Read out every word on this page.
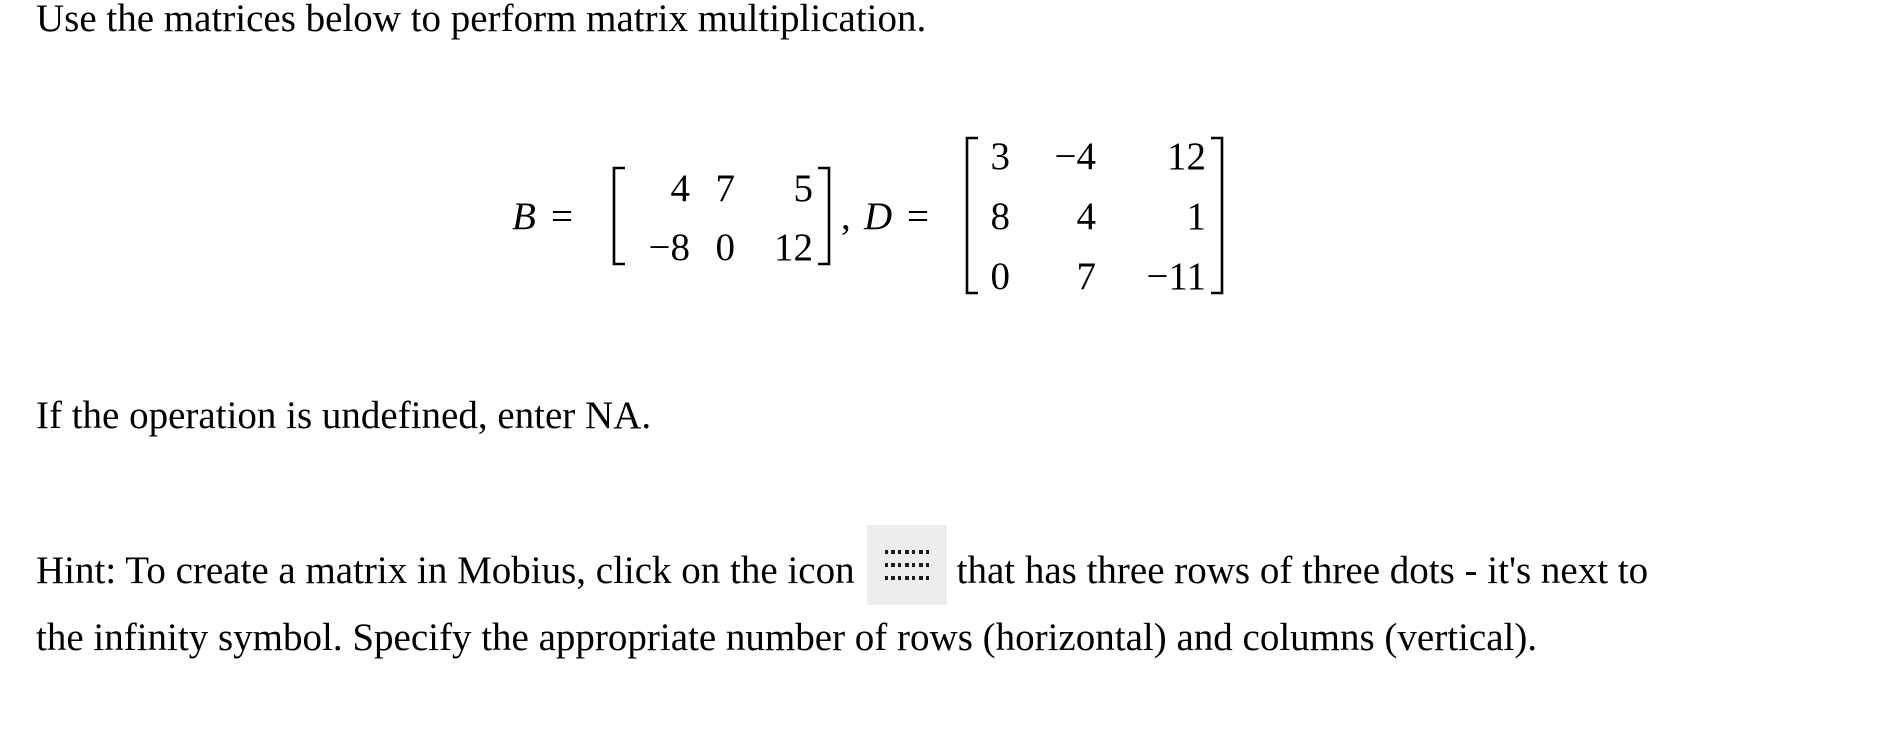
Use the matrices below to perform matrix multiplication.

B =
4 7 5
−8 0 12
, D =
3 −4 12
8 4 1
0 7 −11

If the operation is undefined, enter NA.

Hint: To create a matrix in Mobius, click on the icon	that has three rows of three dots - it's next to

the infinity symbol. Specify the appropriate number of rows (horizontal) and columns (vertical).
